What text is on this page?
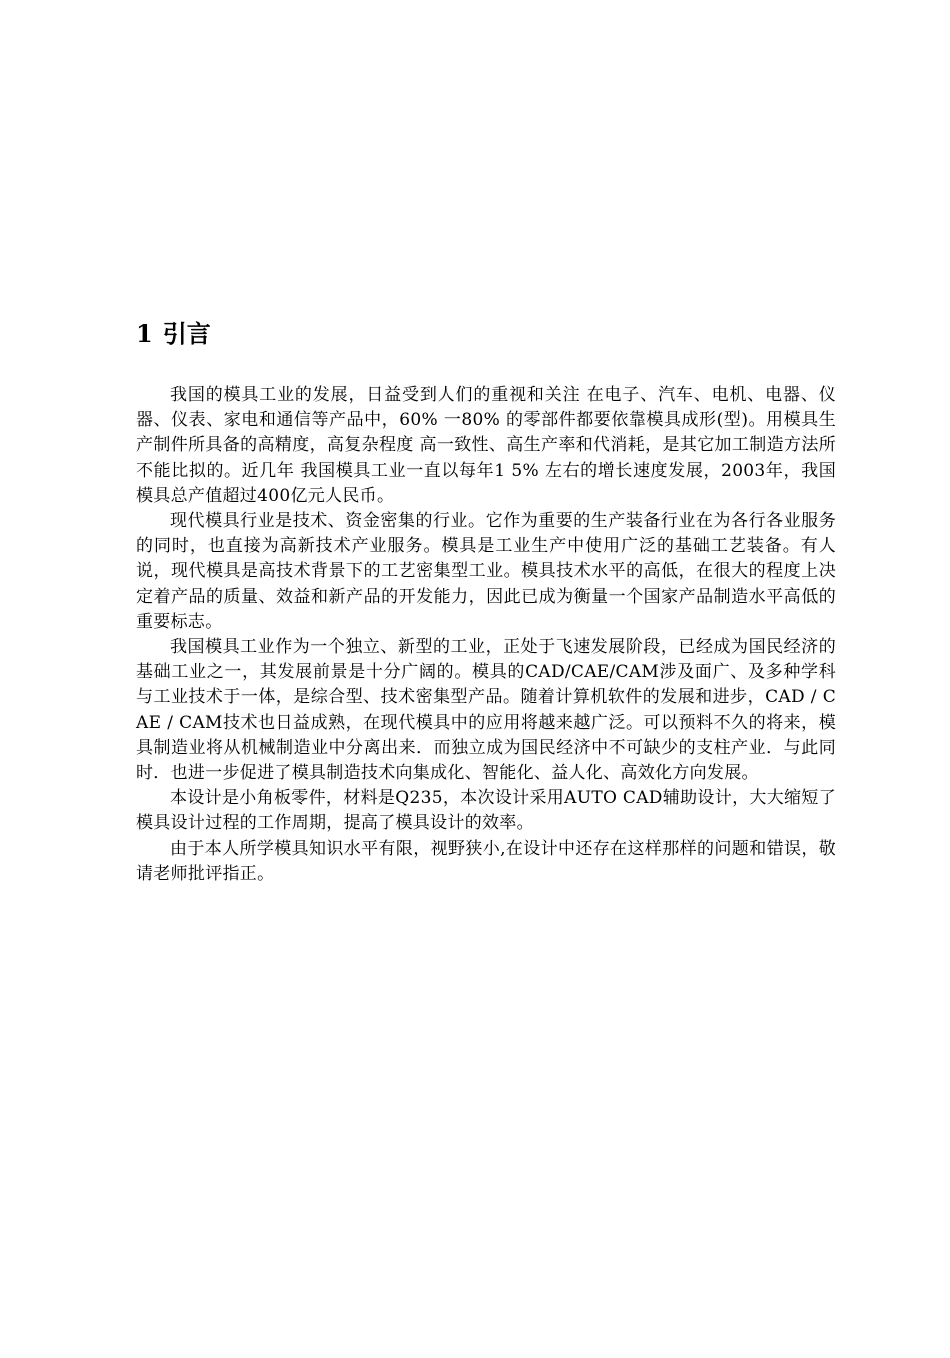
1 引言

我国的模具工业的发展，日益受到人们的重视和关注 在电子、汽车、电机、电器、仪器、仪表、家电和通信等产品中，60% 一80% 的零部件都要依靠模具成形(型)。用模具生产制件所具备的高精度，高复杂程度 高一致性、高生产率和代消耗，是其它加工制造方法所不能比拟的。近几年 我国模具工业一直以每年1 5% 左右的增长速度发展，2003年，我国模具总产值超过400亿元人民币。

现代模具行业是技术、资金密集的行业。它作为重要的生产装备行业在为各行各业服务的同时，也直接为高新技术产业服务。模具是工业生产中使用广泛的基础工艺装备。有人说，现代模具是高技术背景下的工艺密集型工业。模具技术水平的高低，在很大的程度上决定着产品的质量、效益和新产品的开发能力，因此已成为衡量一个国家产品制造水平高低的重要标志。

我国模具工业作为一个独立、新型的工业，正处于飞速发展阶段，已经成为国民经济的基础工业之一，其发展前景是十分广阔的。模具的CAD/CAE/CAM涉及面广、及多种学科与工业技术于一体，是综合型、技术密集型产品。随着计算机软件的发展和进步，CAD / CAE / CAM技术也日益成熟，在现代模具中的应用将越来越广泛。可以预料不久的将来，模具制造业将从机械制造业中分离出来．而独立成为国民经济中不可缺少的支柱产业．与此同时．也进一步促进了模具制造技术向集成化、智能化、益人化、高效化方向发展。

本设计是小角板零件，材料是Q235，本次设计采用AUTO CAD辅助设计，大大缩短了模具设计过程的工作周期，提高了模具设计的效率。

由于本人所学模具知识水平有限，视野狭小,在设计中还存在这样那样的问题和错误，敬请老师批评指正。
